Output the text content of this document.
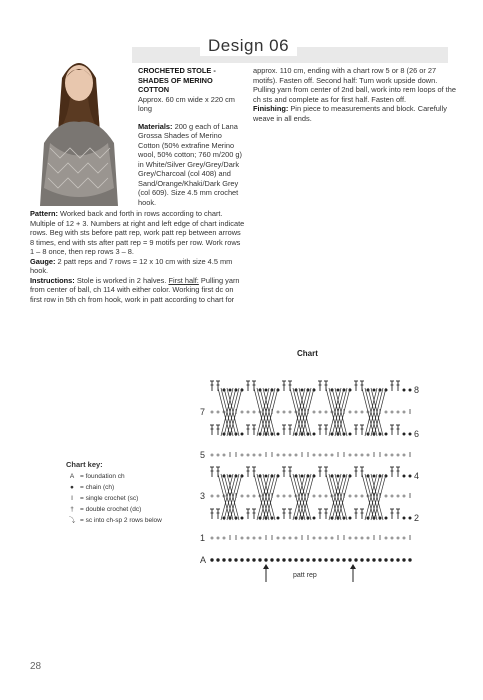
Design 06
CROCHETED STOLE - SHADES OF MERINO COTTON
Approx. 60 cm wide x 220 cm long
Materials: 200 g each of Lana Grossa Shades of Merino Cotton (50% extrafine Merino wool, 50% cotton; 760 m/200 g) in White/Silver Grey/Grey/Dark Grey/Charcoal (col 408) and Sand/Orange/Khaki/Dark Grey (col 609). Size 4.5 mm crochet hook.
Pattern: Worked back and forth in rows according to chart. Multiple of 12 + 3. Numbers at right and left edge of chart indicate rows. Beg with sts before patt rep, work patt rep between arrows 8 times, end with sts after patt rep = 9 motifs per row. Work rows 1 – 8 once, then rep rows 3 – 8.
Gauge: 2 patt reps and 7 rows = 12 x 10 cm with size 4.5 mm hook.
Instructions: Stole is worked in 2 halves. First half: Pulling yarn from center of ball, ch 114 with either color. Working first dc on first row in 5th ch from hook, work in patt according to chart for
approx. 110 cm, ending with a chart row 5 or 8 (26 or 27 motifs). Fasten off. Second half: Turn work upside down. Pulling yarn from center of 2nd ball, work into rem loops of the ch sts and complete as for first half. Fasten off.
Finishing: Pin piece to measurements and block. Carefully weave in all ends.
Chart
7
5
3
1
A
8
6
4
2
patt rep
Chart key:
A = foundation ch
● = chain (ch)
I	= single crochet (sc)
† = double crochet (dc)
⤵ = sc into ch-sp 2 rows below
28
